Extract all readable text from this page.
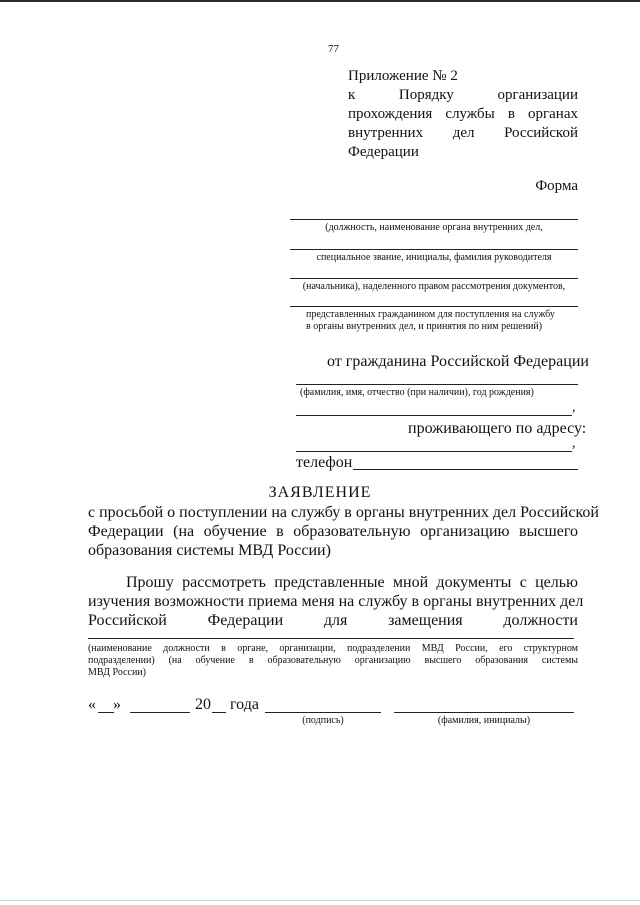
77
Приложение № 2
к Порядку организации
прохождения службы в органах
внутренних дел Российской
Федерации
Форма
(должность, наименование органа внутренних дел,
специальное звание, инициалы, фамилия руководителя
(начальника), наделенного правом рассмотрения документов,
представленных гражданином для поступления на службу
в органы внутренних дел, и принятия по ним решений)
от гражданина Российской Федерации
(фамилия, имя, отчество (при наличии), год рождения)
,
проживающего по адресу:
,
телефон
ЗАЯВЛЕНИЕ
с просьбой о поступлении на службу в органы внутренних дел Российской
Федерации (на обучение в образовательную организацию высшего
образования системы МВД России)
Прошу рассмотреть представленные мной документы с целью
изучения возможности приема меня на службу в органы внутренних дел
Российской Федерации для замещения должности
(наименование должности в органе, организации, подразделении МВД России, его структурном
подразделении) (на обучение в образовательную организацию высшего образования системы
МВД России)
« »	20 года
(подпись)	(фамилия, инициалы)
